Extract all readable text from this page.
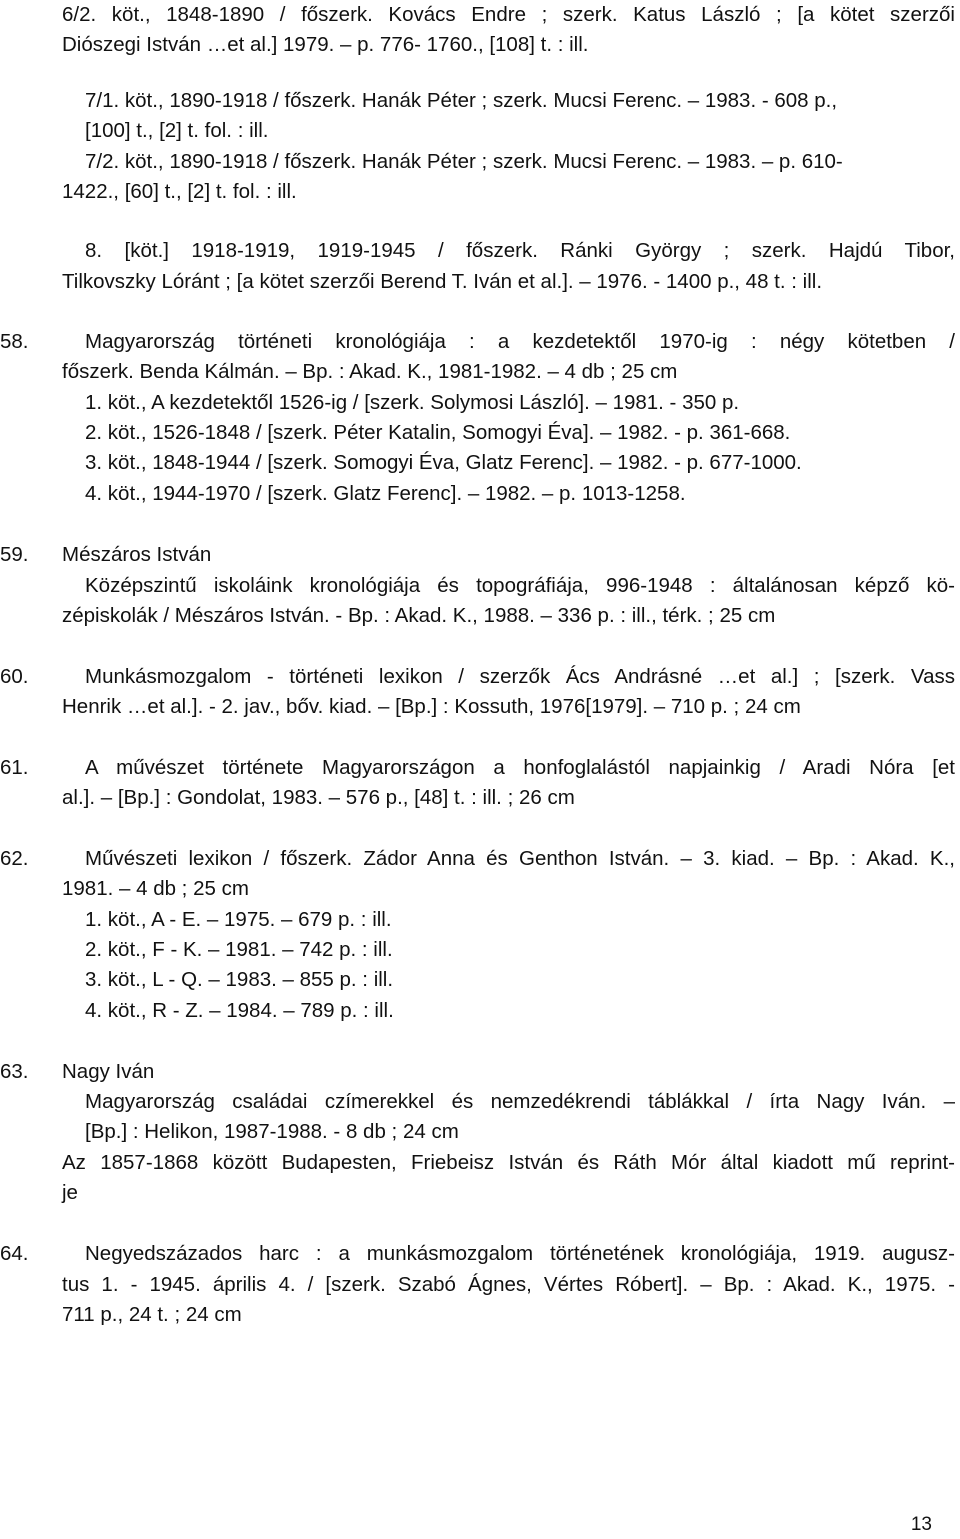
6/2. köt., 1848-1890 / főszerk. Kovács Endre ; szerk. Katus László ; [a kötet szerzői
Diószegi István …et al.] 1979. – p. 776- 1760., [108] t. : ill.
7/1. köt., 1890-1918 / főszerk. Hanák Péter ; szerk. Mucsi Ferenc. – 1983. - 608 p.,
[100] t., [2] t. fol. : ill.
7/2. köt., 1890-1918 / főszerk. Hanák Péter ; szerk. Mucsi Ferenc. – 1983. – p. 610-
1422., [60] t., [2] t. fol. : ill.
8. [köt.] 1918-1919, 1919-1945 / főszerk. Ránki György ; szerk. Hajdú Tibor,
Tilkovszky Lóránt ; [a kötet szerzői Berend T. Iván et al.]. – 1976. - 1400 p., 48 t. : ill.
58.	Magyarország történeti kronológiája : a kezdetektől 1970-ig : négy kötetben /
főszerk. Benda Kálmán. – Bp. : Akad. K., 1981-1982. – 4 db ; 25 cm
1. köt., A kezdetektől 1526-ig / [szerk. Solymosi László]. – 1981. - 350 p.
2. köt., 1526-1848 / [szerk. Péter Katalin, Somogyi Éva]. – 1982. - p. 361-668.
3. köt., 1848-1944 / [szerk. Somogyi Éva, Glatz Ferenc]. – 1982. - p. 677-1000.
4. köt., 1944-1970 / [szerk. Glatz Ferenc]. – 1982. – p. 1013-1258.
59. Mészáros István
Középszintű iskoláink kronológiája és topográfiája, 996-1948 : általánosan képző kö-
zépiskolák / Mészáros István. - Bp. : Akad. K., 1988. – 336 p. : ill., térk. ; 25 cm
60.	Munkásmozgalom - történeti lexikon / szerzők Ács Andrásné …et al.] ; [szerk. Vass
Henrik …et al.]. - 2. jav., bőv. kiad. – [Bp.] : Kossuth, 1976[1979]. – 710 p. ; 24 cm
61.	A művészet története Magyarországon a honfoglalástól napjainkig / Aradi Nóra [et
al.]. – [Bp.] : Gondolat, 1983. – 576 p., [48] t. : ill. ; 26 cm
62.	Művészeti lexikon / főszerk. Zádor Anna és Genthon István. – 3. kiad. – Bp. : Akad. K.,
1981. – 4 db ; 25 cm
1. köt., A - E. – 1975. – 679 p. : ill.
2. köt., F - K. – 1981. – 742 p. : ill.
3. köt., L - Q. – 1983. – 855 p. : ill.
4. köt., R - Z. – 1984. – 789 p. : ill.
63. Nagy Iván
Magyarország családai czímerekkel és nemzedékrendi táblákkal / írta Nagy Iván. –
[Bp.] : Helikon, 1987-1988. - 8 db ; 24 cm
Az 1857-1868 között Budapesten, Friebeisz István és Ráth Mór által kiadott mű reprint-
je
64.	Negyedszázados harc : a munkásmozgalom történetének kronológiája, 1919. augusz-
tus 1. - 1945. április 4. / [szerk. Szabó Ágnes, Vértes Róbert]. – Bp. : Akad. K., 1975. -
711 p., 24 t. ; 24 cm
13
